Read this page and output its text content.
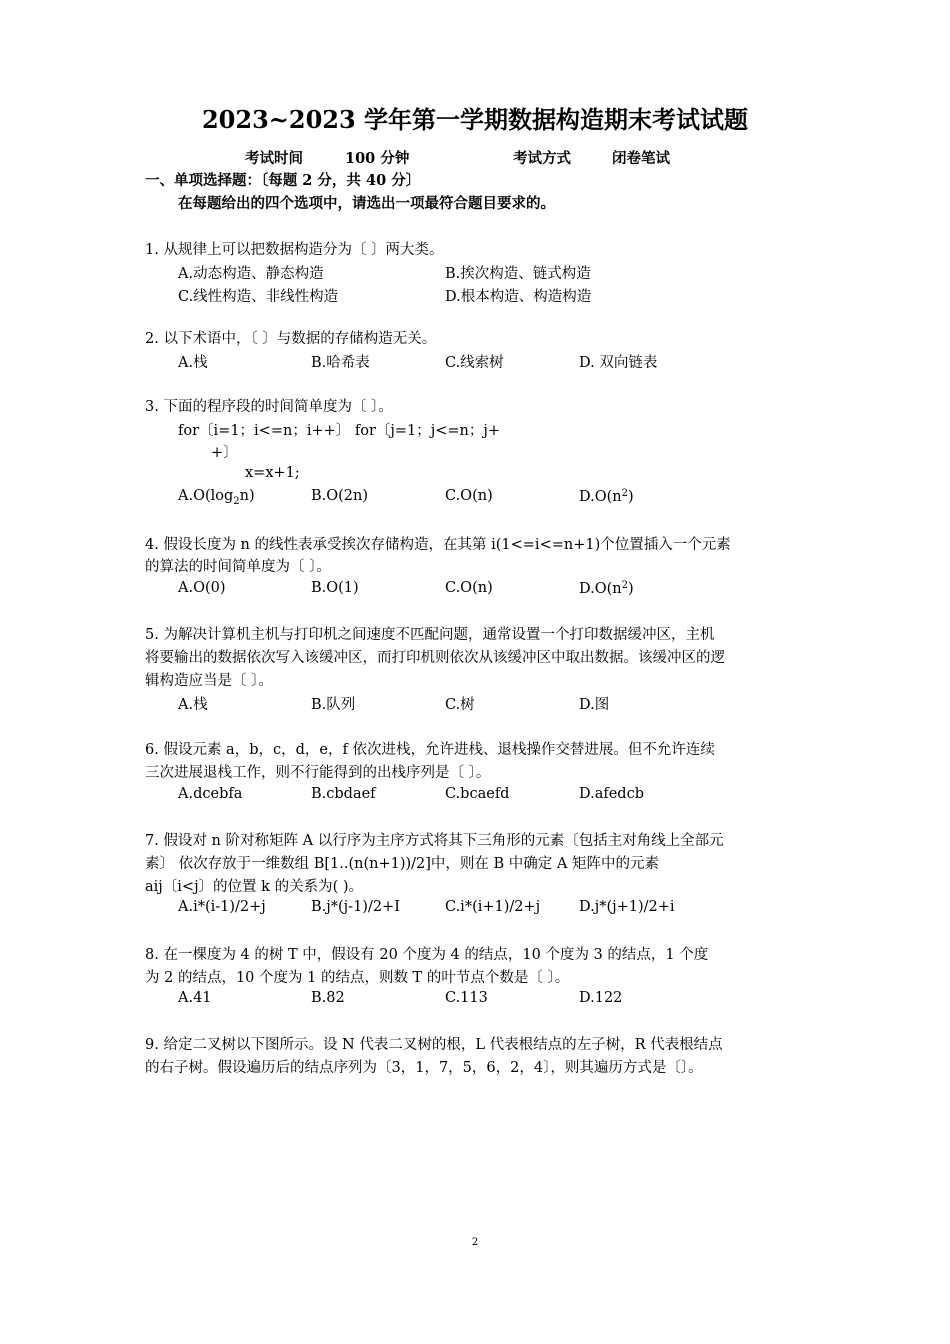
2023~2023 学年第一学期数据构造期末考试试题
考试时间	100 分钟	考试方式	闭卷笔试
一、单项选择题：〔每题 2 分，共 40 分〕
在每题给出的四个选项中，请选出一项最符合题目要求的。
1. 从规律上可以把数据构造分为〔 〕两大类。
A.动态构造、静态构造	B.挨次构造、链式构造
C.线性构造、非线性构造	D.根本构造、构造构造
2. 以下术语中，〔 〕与数据的存储构造无关。
A.栈	B.哈希表	C.线索树	D. 双向链表
3. 下面的程序段的时间简单度为〔 〕。
for〔i=1；i<=n；i++〕 for〔j=1；j<=n；j+
+〕
x=x+1;
$A.O(\log_2n)$	B.O(2n)	C.O(n)	$D.O(n^2)$
4. 假设长度为 n 的线性表承受挨次存储构造，在其第 i(1<=i<=n+1)个位置插入一个元素
的算法的时间简单度为〔 〕。
A.O(0)	B.O(1)	C.O(n)	$D.O(n^2)$
5. 为解决计算机主机与打印机之间速度不匹配问题，通常设置一个打印数据缓冲区，主机
将要输出的数据依次写入该缓冲区，而打印机则依次从该缓冲区中取出数据。该缓冲区的逻
辑构造应当是〔 〕。
A.栈	B.队列	C.树	D.图
6. 假设元素 a，b，c，d，e，f 依次进栈，允许进栈、退栈操作交替进展。但不允许连续
三次进展退栈工作，则不行能得到的出栈序列是〔 〕。
A.dcebfa	B.cbdaef	C.bcaefd	D.afedcb
7. 假设对 n 阶对称矩阵 A 以行序为主序方式将其下三角形的元素〔包括主对角线上全部元
素〕 依次存放于一维数组 B[1..(n(n+1))/2]中，则在 B 中确定 A 矩阵中的元素
aij〔i<j〕的位置 k 的关系为( )。
A.i*(i-1)/2+j	B.j*(j-1)/2+I	C.i*(i+1)/2+j	D.j*(j+1)/2+i
8. 在一棵度为 4 的树 T 中，假设有 20 个度为 4 的结点，10 个度为 3 的结点，1 个度
为 2 的结点，10 个度为 1 的结点，则数 T 的叶节点个数是〔 〕。
A.41	B.82	C.113	D.122
9. 给定二叉树以下图所示。设 N 代表二叉树的根，L 代表根结点的左子树，R 代表根结点
的右子树。假设遍历后的结点序列为〔3，1，7，5，6，2，4〕，则其遍历方式是〔〕。
2
